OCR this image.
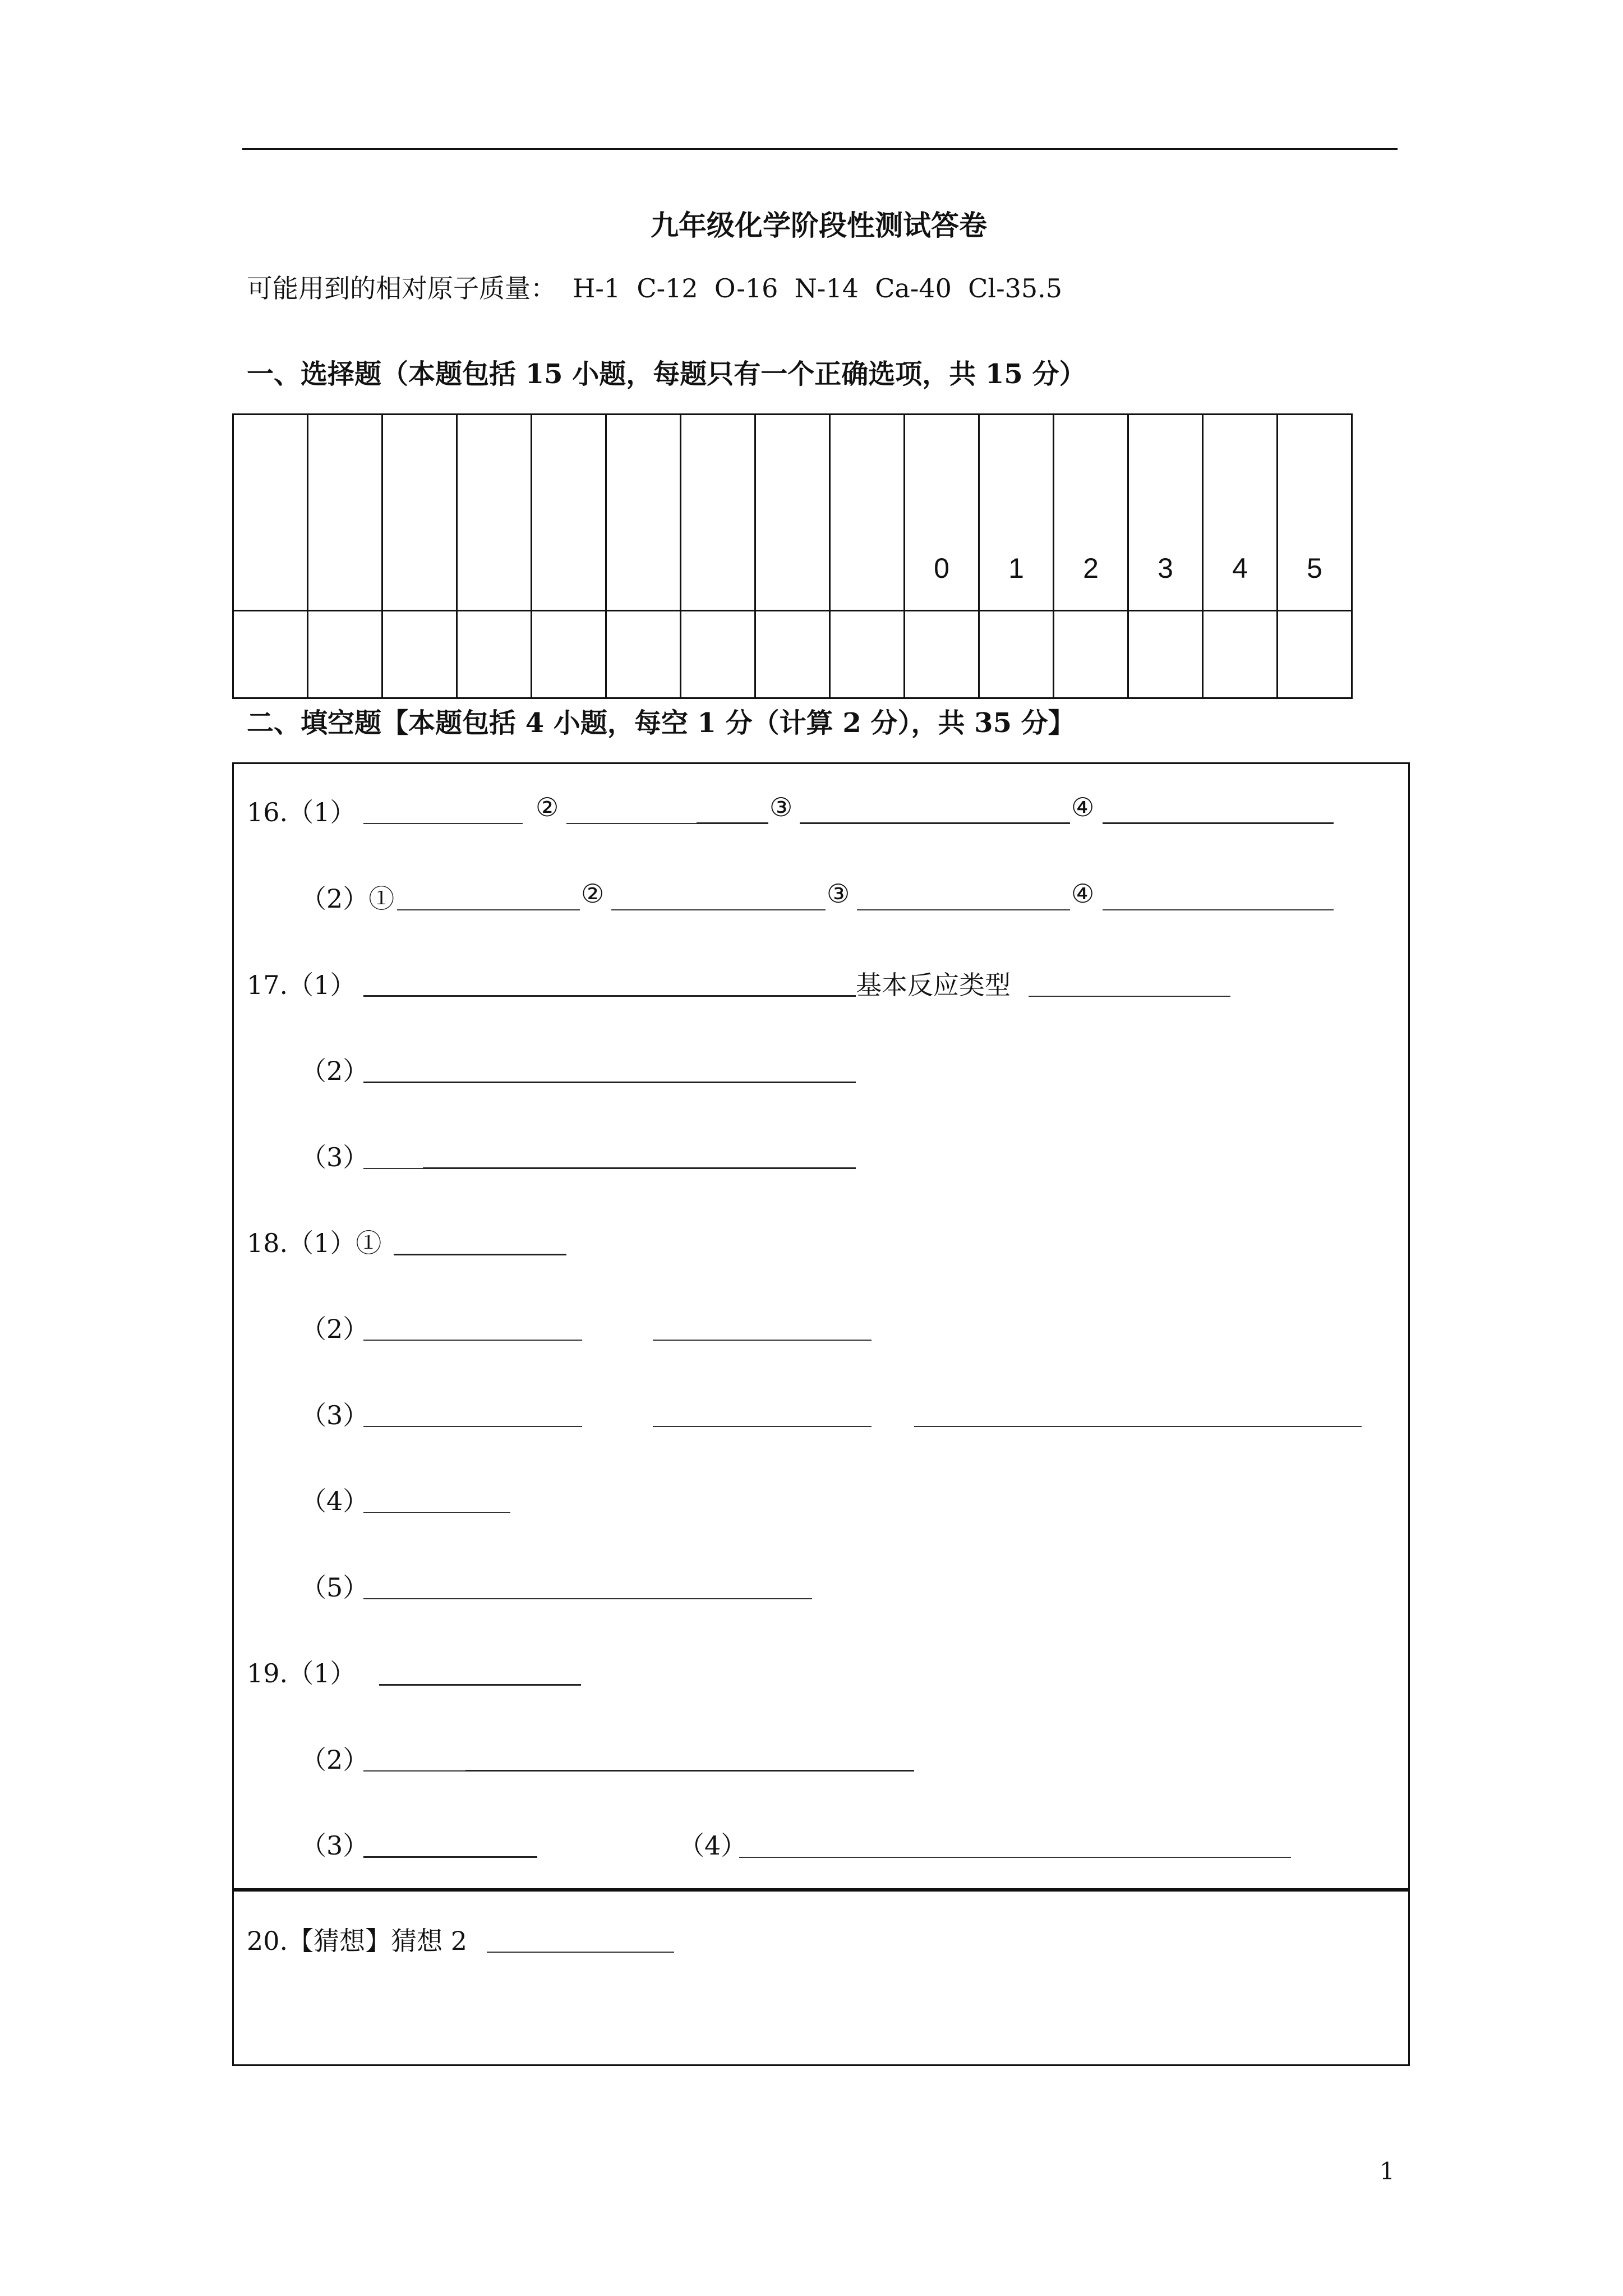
九年级化学阶段性测试答卷
可能用到的相对原子质量：  H-1  C-12  O-16  N-14  Ca-40  Cl-35.5
一、选择题（本题包括 15 小题，每题只有一个正确选项，共 15 分）
									0	1	2	3	4	5

二、填空题【本题包括 4 小题，每空 1 分（计算 2 分），共 35 分】
16.（1）	②	③	④
（2）①	②	③	④
17.（1）	基本反应类型
（2）
（3）
18.（1）①
（2）
（3）
（4）
（5）
19.（1）
（2）
（3）	（4）
20.【猜想】猜想 2
1
